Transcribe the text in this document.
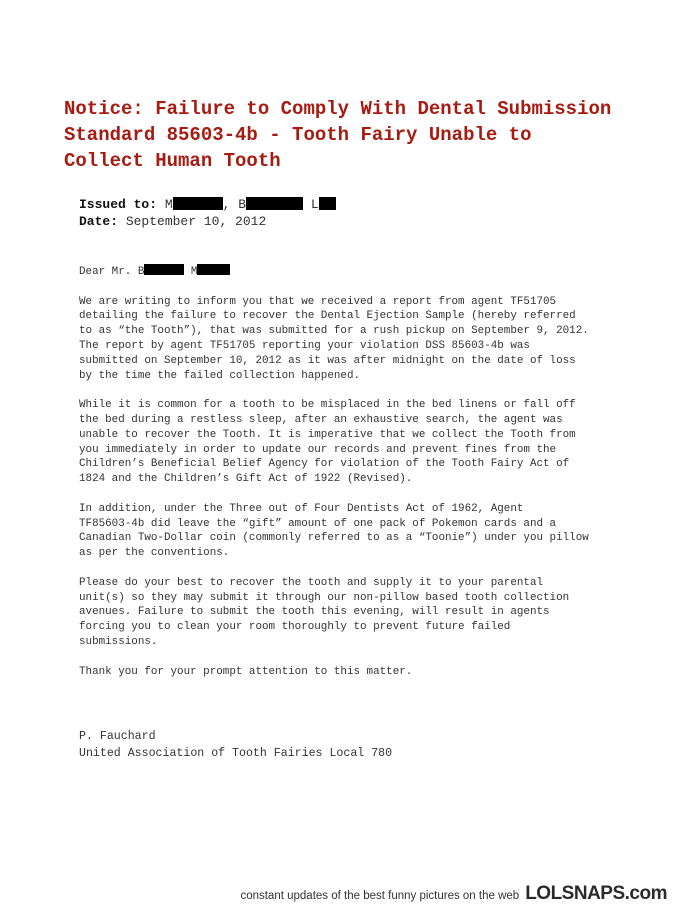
Notice: Failure to Comply With Dental Submission
Standard 85603-4b - Tooth Fairy Unable to
Collect Human Tooth
Issued to: M	, B	L
Date: September 10, 2012
Dear Mr. B	M
We are writing to inform you that we received a report from agent TF51705
detailing the failure to recover the Dental Ejection Sample (hereby referred
to as “the Tooth”), that was submitted for a rush pickup on September 9, 2012.
The report by agent TF51705 reporting your violation DSS 85603-4b was
submitted on September 10, 2012 as it was after midnight on the date of loss
by the time the failed collection happened.
While it is common for a tooth to be misplaced in the bed linens or fall off
the bed during a restless sleep, after an exhaustive search, the agent was
unable to recover the Tooth. It is imperative that we collect the Tooth from
you immediately in order to update our records and prevent fines from the
Children’s Beneficial Belief Agency for violation of the Tooth Fairy Act of
1824 and the Children’s Gift Act of 1922 (Revised).
In addition, under the Three out of Four Dentists Act of 1962, Agent
TF85603-4b did leave the “gift” amount of one pack of Pokemon cards and a
Canadian Two-Dollar coin (commonly referred to as a “Toonie”) under you pillow
as per the conventions.
Please do your best to recover the tooth and supply it to your parental
unit(s) so they may submit it through our non-pillow based tooth collection
avenues. Failure to submit the tooth this evening, will result in agents
forcing you to clean your room thoroughly to prevent future failed
submissions.
Thank you for your prompt attention to this matter.
P. Fauchard
United Association of Tooth Fairies Local 780
constant updates of the best funny pictures on the web LOLSNAPS.com
